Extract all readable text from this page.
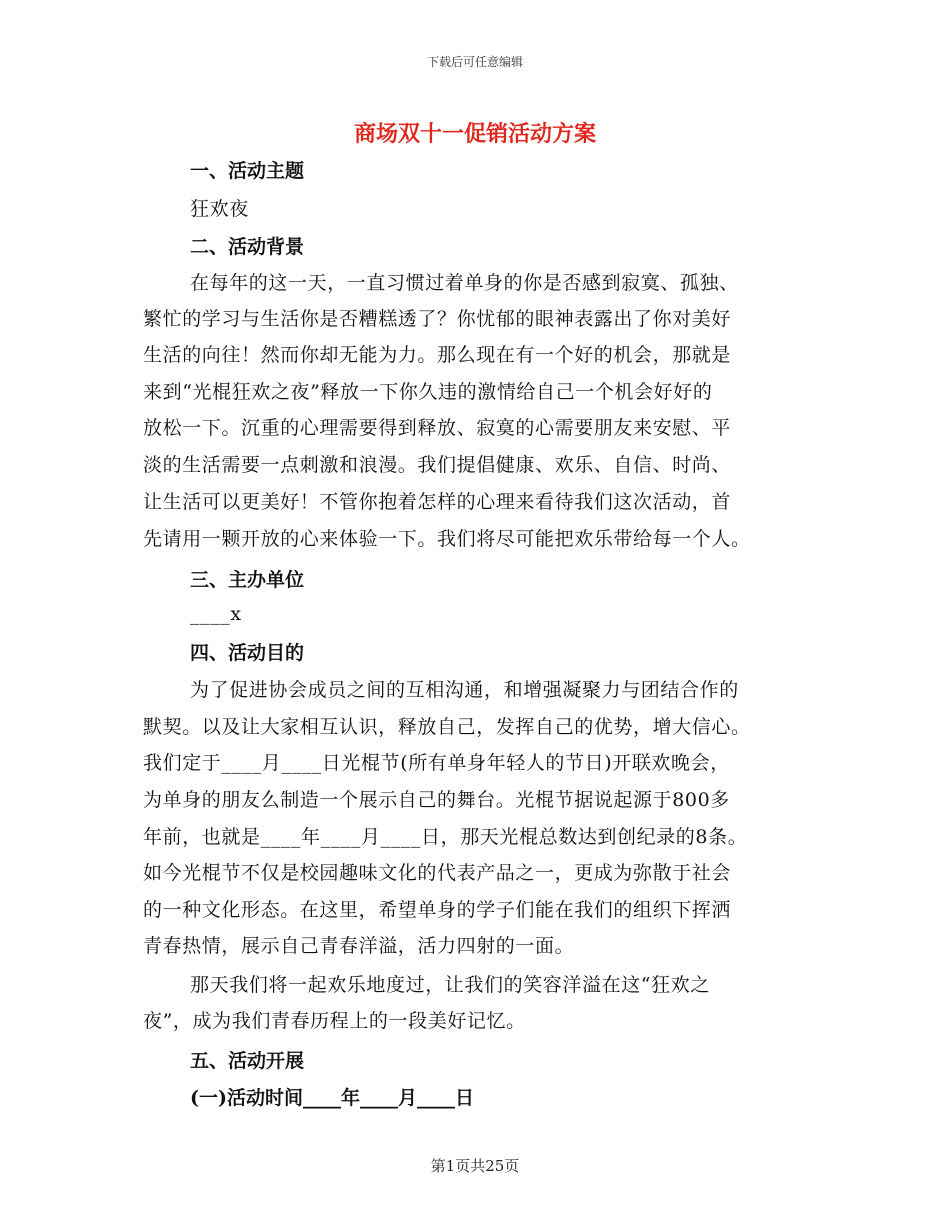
下载后可任意编辑
商场双十一促销活动方案
一、活动主题
狂欢夜
二、活动背景
在每年的这一天，一直习惯过着单身的你是否感到寂寞、孤独、
繁忙的学习与生活你是否糟糕透了？你忧郁的眼神表露出了你对美好
生活的向往！然而你却无能为力。那么现在有一个好的机会，那就是
来到“光棍狂欢之夜”释放一下你久违的激情给自己一个机会好好的
放松一下。沉重的心理需要得到释放、寂寞的心需要朋友来安慰、平
淡的生活需要一点刺激和浪漫。我们提倡健康、欢乐、自信、时尚、
让生活可以更美好！不管你抱着怎样的心理来看待我们这次活动，首
先请用一颗开放的心来体验一下。我们将尽可能把欢乐带给每一个人。
三、主办单位
____x
四、活动目的
为了促进协会成员之间的互相沟通，和增强凝聚力与团结合作的
默契。以及让大家相互认识，释放自己，发挥自己的优势，增大信心。
我们定于____月____日光棍节(所有单身年轻人的节日)开联欢晚会，
为单身的朋友么制造一个展示自己的舞台。光棍节据说起源于800多
年前，也就是____年____月____日，那天光棍总数达到创纪录的8条。
如今光棍节不仅是校园趣味文化的代表产品之一，更成为弥散于社会
的一种文化形态。在这里，希望单身的学子们能在我们的组织下挥洒
青春热情，展示自己青春洋溢，活力四射的一面。
那天我们将一起欢乐地度过，让我们的笑容洋溢在这“狂欢之
夜”，成为我们青春历程上的一段美好记忆。
五、活动开展
(一)活动时间____年____月____日
第1页共25页
